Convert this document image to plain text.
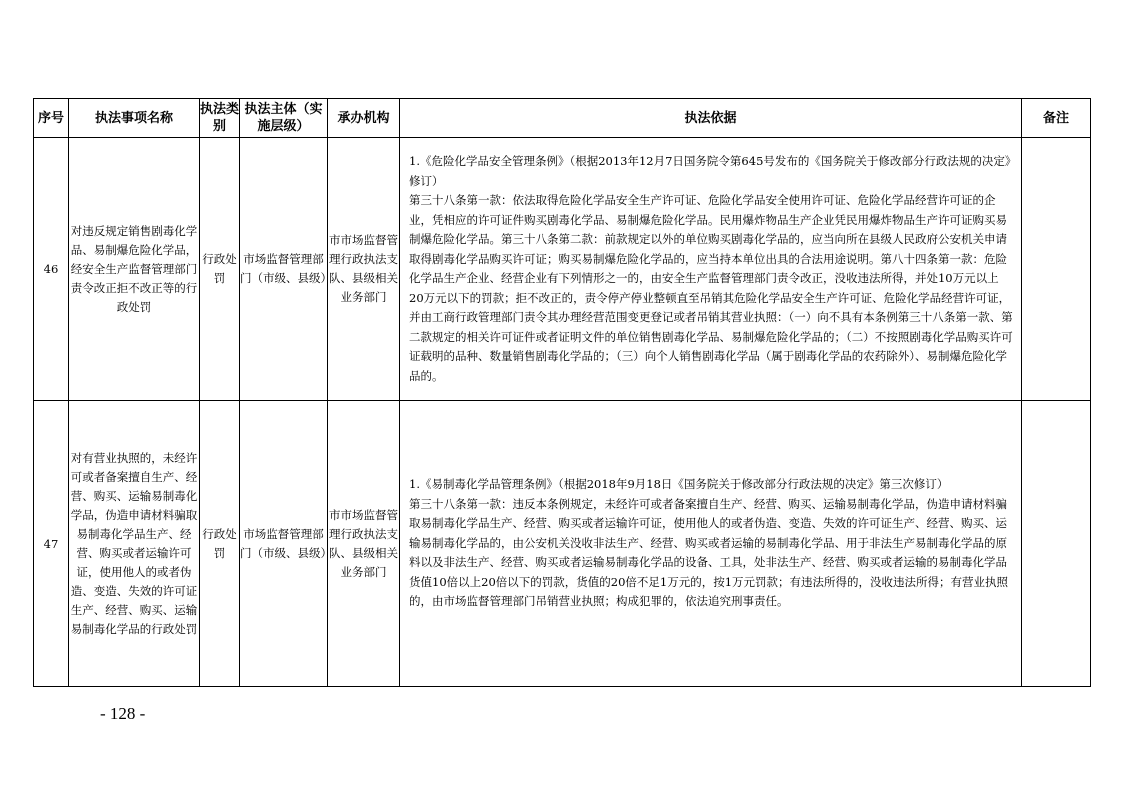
序号	执法事项名称	执法类别	执法主体（实施层级）	承办机构	执法依据	备注
46	对违反规定销售剧毒化学品、易制爆危险化学品，经安全生产监督管理部门责令改正拒不改正等的行政处罚	行政处罚	市场监督管理部门（市级、县级）	市市场监督管理行政执法支队、县级相关业务部门	1.《危险化学品安全管理条例》（根据2013年12月7日国务院令第645号发布的《国务院关于修改部分行政法规的决定》修订）
第三十八条第一款：依法取得危险化学品安全生产许可证、危险化学品安全使用许可证、危险化学品经营许可证的企业，凭相应的许可证件购买剧毒化学品、易制爆危险化学品。民用爆炸物品生产企业凭民用爆炸物品生产许可证购买易制爆危险化学品。第三十八条第二款：前款规定以外的单位购买剧毒化学品的，应当向所在县级人民政府公安机关申请取得剧毒化学品购买许可证；购买易制爆危险化学品的，应当持本单位出具的合法用途说明。第八十四条第一款：危险化学品生产企业、经营企业有下列情形之一的，由安全生产监督管理部门责令改正，没收违法所得，并处10万元以上20万元以下的罚款；拒不改正的，责令停产停业整顿直至吊销其危险化学品安全生产许可证、危险化学品经营许可证，并由工商行政管理部门责令其办理经营范围变更登记或者吊销其营业执照：（一）向不具有本条例第三十八条第一款、第二款规定的相关许可证件或者证明文件的单位销售剧毒化学品、易制爆危险化学品的；（二）不按照剧毒化学品购买许可证载明的品种、数量销售剧毒化学品的；（三）向个人销售剧毒化学品（属于剧毒化学品的农药除外）、易制爆危险化学品的。	

47	对有营业执照的，未经许可或者备案擅自生产、经营、购买、运输易制毒化学品，伪造申请材料骗取易制毒化学品生产、经营、购买或者运输许可证，使用他人的或者伪造、变造、失效的许可证生产、经营、购买、运输易制毒化学品的行政处罚	行政处罚	市场监督管理部门（市级、县级）	市市场监督管理行政执法支队、县级相关业务部门	1.《易制毒化学品管理条例》（根据2018年9月18日《国务院关于修改部分行政法规的决定》第三次修订）
第三十八条第一款：违反本条例规定，未经许可或者备案擅自生产、经营、购买、运输易制毒化学品，伪造申请材料骗取易制毒化学品生产、经营、购买或者运输许可证，使用他人的或者伪造、变造、失效的许可证生产、经营、购买、运输易制毒化学品的，由公安机关没收非法生产、经营、购买或者运输的易制毒化学品、用于非法生产易制毒化学品的原料以及非法生产、经营、购买或者运输易制毒化学品的设备、工具，处非法生产、经营、购买或者运输的易制毒化学品货值10倍以上20倍以下的罚款，货值的20倍不足1万元的，按1万元罚款；有违法所得的，没收违法所得；有营业执照的，由市场监督管理部门吊销营业执照；构成犯罪的，依法追究刑事责任。	

- 128 -
